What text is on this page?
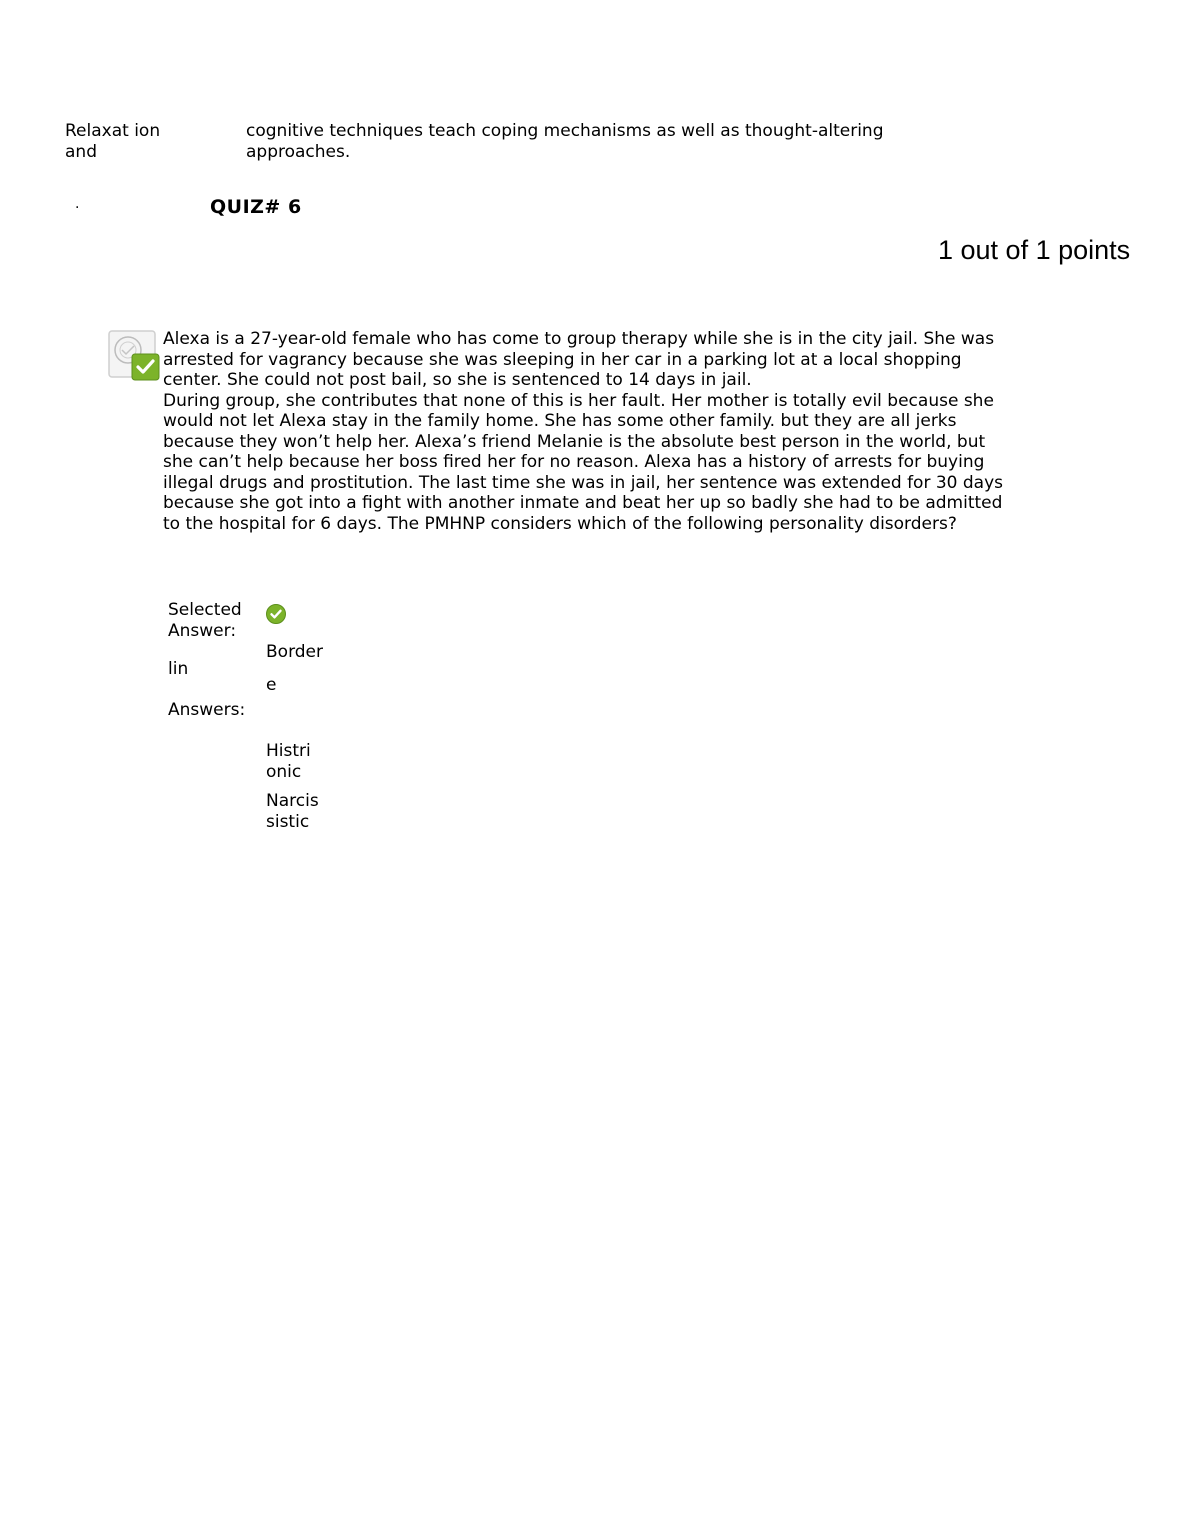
Relaxat ion and
cognitive techniques teach coping mechanisms as well as thought-altering approaches.
·	QUIZ# 6
1 out of 1 points
Alexa is a 27-year-old female who has come to group therapy while she is in the city jail. She was arrested for vagrancy because she was sleeping in her car in a parking lot at a local shopping center. She could not post bail, so she is sentenced to 14 days in jail.
During group, she contributes that none of this is her fault. Her mother is totally evil because she would not let Alexa stay in the family home. She has some other family. but they are all jerks because they won’t help her. Alexa’s friend Melanie is the absolute best person in the world, but she can’t help because her boss fired her for no reason. Alexa has a history of arrests for buying illegal drugs and prostitution. The last time she was in jail, her sentence was extended for 30 days because she got into a fight with another inmate and beat her up so badly she had to be admitted to the hospital for 6 days. The PMHNP considers which of the following personality disorders?
Selected
Answer:
lin
Answers:
Border
e
Histri
onic
Narcis
sistic
